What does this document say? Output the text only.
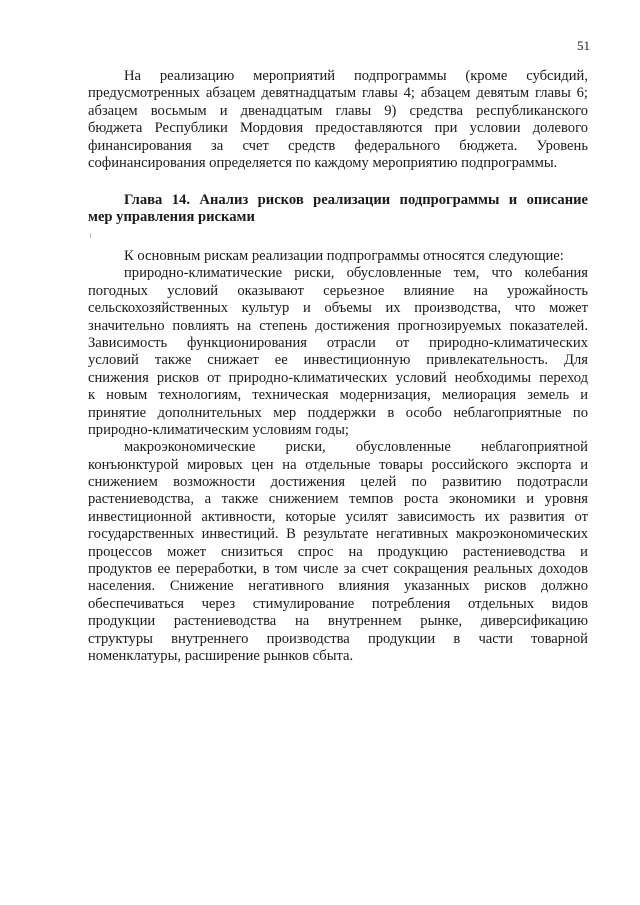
51
На реализацию мероприятий подпрограммы (кроме субсидий,
предусмотренных абзацем девятнадцатым главы 4; абзацем девятым главы 6;
абзацем восьмым и двенадцатым главы 9) средства республиканского
бюджета Республики Мордовия предоставляются при условии долевого
финансирования за счет средств федерального бюджета. Уровень
софинансирования определяется по каждому мероприятию подпрограммы.
Глава 14. Анализ рисков реализации подпрограммы и описание
мер управления рисками
К основным рискам реализации подпрограммы относятся следующие:
природно-климатические риски, обусловленные тем, что колебания
погодных условий оказывают серьезное влияние на урожайность
сельскохозяйственных культур и объемы их производства, что может
значительно повлиять на степень достижения прогнозируемых показателей.
Зависимость функционирования отрасли от природно-климатических
условий также снижает ее инвестиционную привлекательность. Для
снижения рисков от природно-климатических условий необходимы переход
к новым технологиям, техническая модернизация, мелиорация земель и
принятие дополнительных мер поддержки в особо неблагоприятные по
природно-климатическим условиям годы;
макроэкономические риски, обусловленные неблагоприятной
конъюнктурой мировых цен на отдельные товары российского экспорта и
снижением возможности достижения целей по развитию подотрасли
растениеводства, а также снижением темпов роста экономики и уровня
инвестиционной активности, которые усилят зависимость их развития от
государственных инвестиций. В результате негативных макроэкономических
процессов может снизиться спрос на продукцию растениеводства и
продуктов ее переработки, в том числе за счет сокращения реальных доходов
населения. Снижение негативного влияния указанных рисков должно
обеспечиваться через стимулирование потребления отдельных видов
продукции растениеводства на внутреннем рынке, диверсификацию
структуры внутреннего производства продукции в части товарной
номенклатуры, расширение рынков сбыта.
